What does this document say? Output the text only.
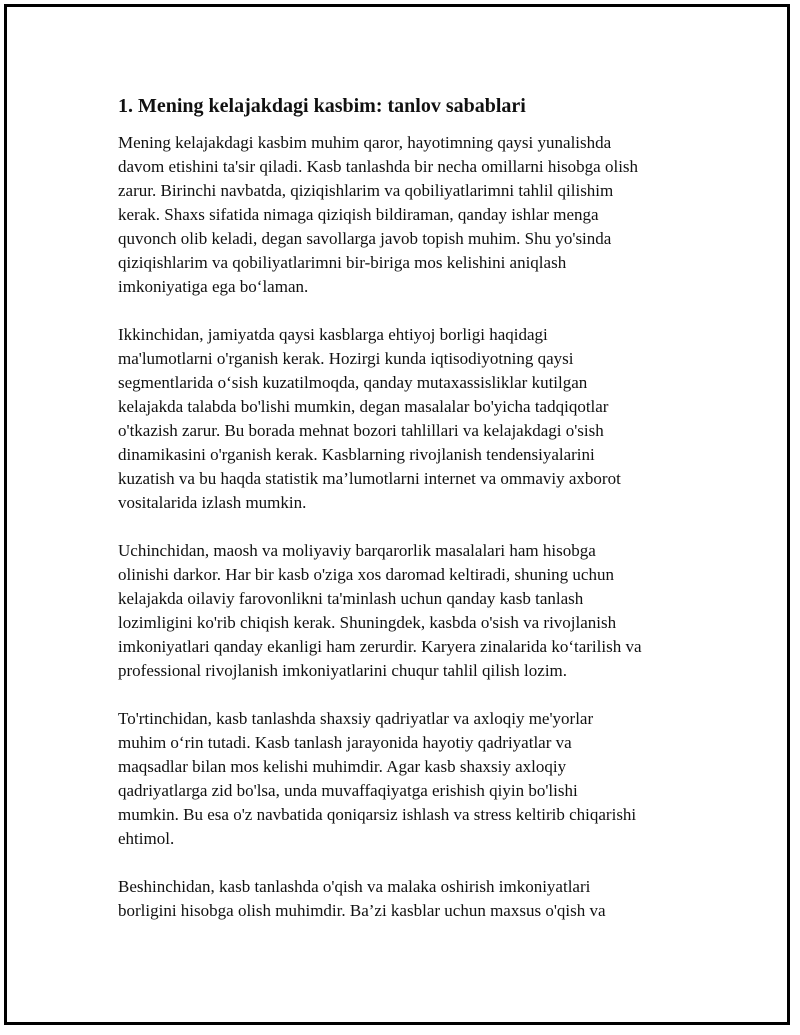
1. Mening kelajakdagi kasbim: tanlov sabablari

Mening kelajakdagi kasbim muhim qaror, hayotimning qaysi yunalishda
davom etishini ta'sir qiladi. Kasb tanlashda bir necha omillarni hisobga olish
zarur. Birinchi navbatda, qiziqishlarim va qobiliyatlarimni tahlil qilishim
kerak. Shaxs sifatida nimaga qiziqish bildiraman, qanday ishlar menga
quvonch olib keladi, degan savollarga javob topish muhim. Shu yo'sinda
qiziqishlarim va qobiliyatlarimni bir-biriga mos kelishini aniqlash
imkoniyatiga ega bo‘laman.

Ikkinchidan, jamiyatda qaysi kasblarga ehtiyoj borligi haqidagi
ma'lumotlarni o'rganish kerak. Hozirgi kunda iqtisodiyotning qaysi
segmentlarida o‘sish kuzatilmoqda, qanday mutaxassisliklar kutilgan
kelajakda talabda bo'lishi mumkin, degan masalalar bo'yicha tadqiqotlar
o'tkazish zarur. Bu borada mehnat bozori tahlillari va kelajakdagi o'sish
dinamikasini o'rganish kerak. Kasblarning rivojlanish tendensiyalarini
kuzatish va bu haqda statistik ma’lumotlarni internet va ommaviy axborot
vositalarida izlash mumkin.

Uchinchidan, maosh va moliyaviy barqarorlik masalalari ham hisobga
olinishi darkor. Har bir kasb o'ziga xos daromad keltiradi, shuning uchun
kelajakda oilaviy farovonlikni ta'minlash uchun qanday kasb tanlash
lozimligini ko'rib chiqish kerak. Shuningdek, kasbda o'sish va rivojlanish
imkoniyatlari qanday ekanligi ham zerurdir. Karyera zinalarida ko‘tarilish va
professional rivojlanish imkoniyatlarini chuqur tahlil qilish lozim.

To'rtinchidan, kasb tanlashda shaxsiy qadriyatlar va axloqiy me'yorlar
muhim o‘rin tutadi. Kasb tanlash jarayonida hayotiy qadriyatlar va
maqsadlar bilan mos kelishi muhimdir. Agar kasb shaxsiy axloqiy
qadriyatlarga zid bo'lsa, unda muvaffaqiyatga erishish qiyin bo'lishi
mumkin. Bu esa o'z navbatida qoniqarsiz ishlash va stress keltirib chiqarishi
ehtimol.

Beshinchidan, kasb tanlashda o'qish va malaka oshirish imkoniyatlari
borligini hisobga olish muhimdir. Ba’zi kasblar uchun maxsus o'qish va
